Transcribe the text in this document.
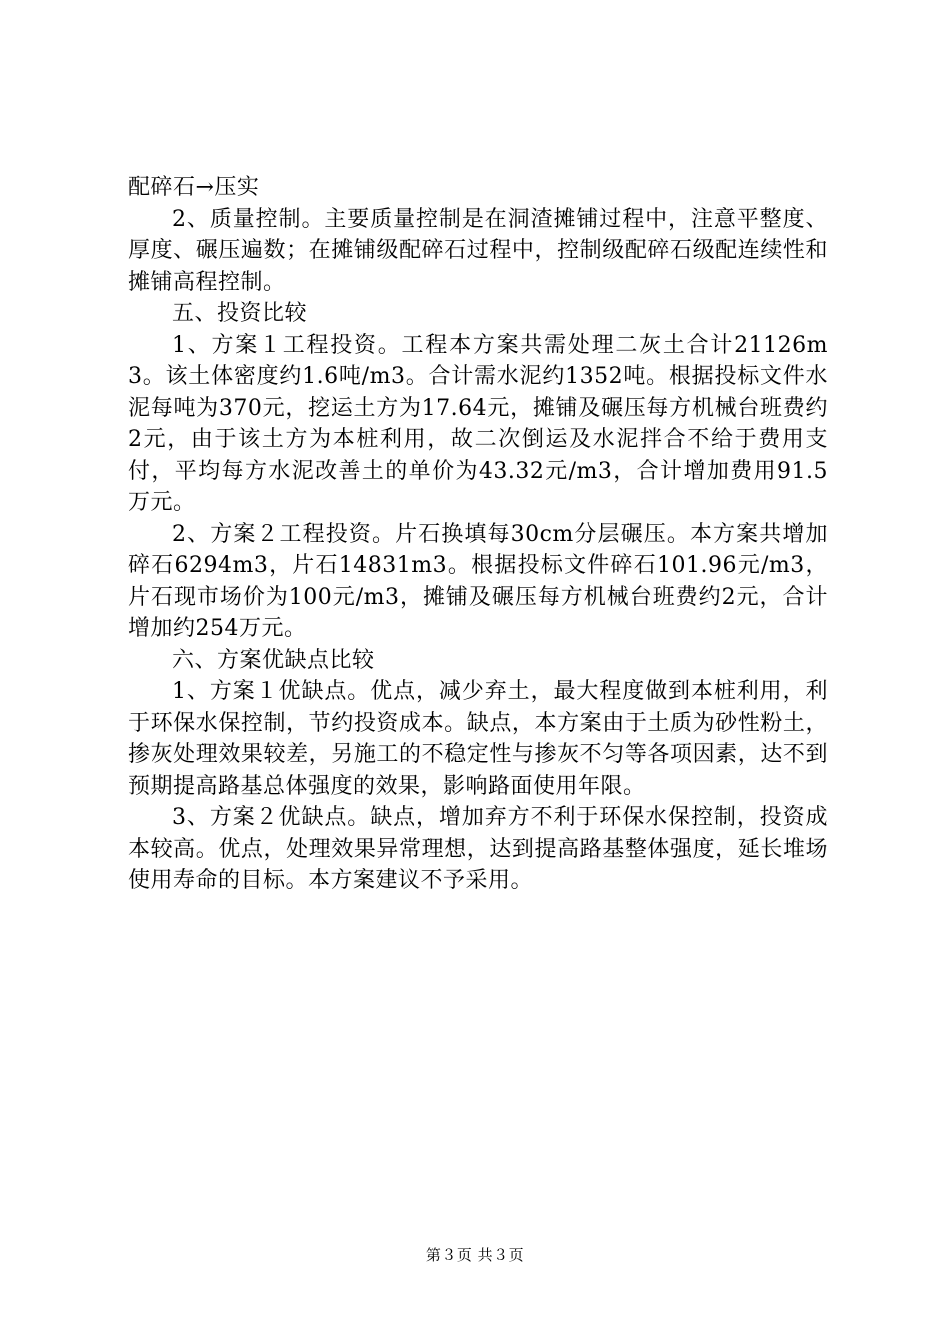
配碎石→压实

2、质量控制。主要质量控制是在洞渣摊铺过程中，注意平整度、厚度、碾压遍数；在摊铺级配碎石过程中，控制级配碎石级配连续性和摊铺高程控制。

五、投资比较

1、方案１工程投资。工程本方案共需处理二灰土合计21126m3。该土体密度约1.6吨/m3。合计需水泥约1352吨。根据投标文件水泥每吨为370元，挖运土方为17.64元，摊铺及碾压每方机械台班费约2元，由于该土方为本桩利用，故二次倒运及水泥拌合不给于费用支付，平均每方水泥改善土的单价为43.32元/m3，合计增加费用91.5万元。

2、方案２工程投资。片石换填每30cm分层碾压。本方案共增加碎石6294m3，片石14831m3。根据投标文件碎石101.96元/m3，片石现市场价为100元/m3，摊铺及碾压每方机械台班费约2元，合计增加约254万元。

六、方案优缺点比较

1、方案１优缺点。优点，减少弃土，最大程度做到本桩利用，利于环保水保控制，节约投资成本。缺点，本方案由于土质为砂性粉土，掺灰处理效果较差，另施工的不稳定性与掺灰不匀等各项因素，达不到预期提高路基总体强度的效果，影响路面使用年限。

3、方案２优缺点。缺点，增加弃方不利于环保水保控制，投资成本较高。优点，处理效果异常理想，达到提高路基整体强度，延长堆场使用寿命的目标。本方案建议不予采用。

第３页 共３页
